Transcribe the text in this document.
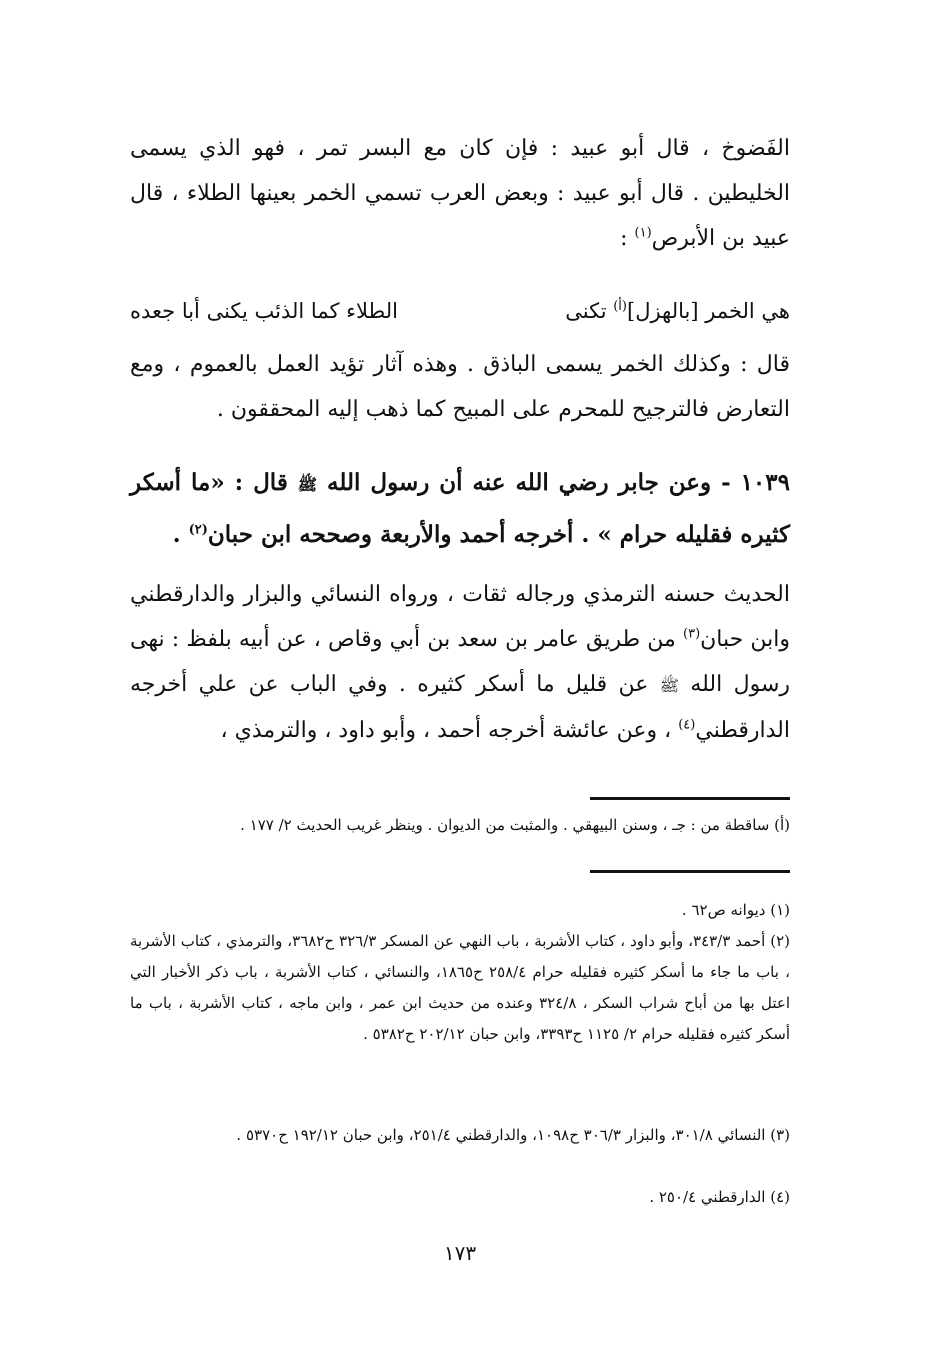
الفَضوخ ، قال أبو عبيد : فإن كان مع البسر تمر ، فهو الذي يسمى الخليطين . قال أبو عبيد : وبعض العرب تسمي الخمر بعينها الطلاء ، قال عبيد بن الأبرص$^{(١)}$ :

هي الخمر [بالهزل]$^{(أ)}$ تكنى
الطلاء كما الذئب يكنى أبا جعده

قال : وكذلك الخمر يسمى الباذق . وهذه آثار تؤيد العمل بالعموم ، ومع التعارض فالترجيح للمحرم على المبيح كما ذهب إليه المحققون .

١٠٣٩ - وعن جابر رضي الله عنه أن رسول الله ﷺ قال : «ما أسكر كثيره فقليله حرام » . أخرجه أحمد والأربعة وصححه ابن حبان$^{(٢)}$ .

الحديث حسنه الترمذي ورجاله ثقات ، ورواه النسائي والبزار والدارقطني وابن حبان$^{(٣)}$ من طريق عامر بن سعد بن أبي وقاص ، عن أبيه بلفظ : نهى رسول الله ﷺ عن قليل ما أسكر كثيره . وفي الباب عن علي أخرجه الدارقطني$^{(٤)}$ ، وعن عائشة أخرجه أحمد ، وأبو داود ، والترمذي ،

(أ) ساقطة من : جـ ، وسنن البيهقي . والمثبت من الديوان . وينظر غريب الحديث ٢/ ١٧٧ .

(١) ديوانه ص٦٢ .

(٢) أحمد ٣٤٣/٣، وأبو داود ، كتاب الأشربة ، باب النهي عن المسكر ٣٢٦/٣ ح٣٦٨٢، والترمذي ، كتاب الأشربة ، باب ما جاء ما أسكر كثيره فقليله حرام ٢٥٨/٤ ح١٨٦٥، والنسائي ، كتاب الأشربة ، باب ذكر الأخبار التي اعتل بها من أباح شراب السكر ، ٣٢٤/٨ وعنده من حديث ابن عمر ، وابن ماجه ، كتاب الأشربة ، باب ما أسكر كثيره فقليله حرام ٢/ ١١٢٥ ح٣٣٩٣، وابن حبان ٢٠٢/١٢ ح٥٣٨٢ .

(٣) النسائي ٣٠١/٨، والبزار ٣٠٦/٣ ح١٠٩٨، والدارقطني ٢٥١/٤، وابن حبان ١٩٢/١٢ ح٥٣٧٠ .

(٤) الدارقطني ٢٥٠/٤ .

١٧٣
